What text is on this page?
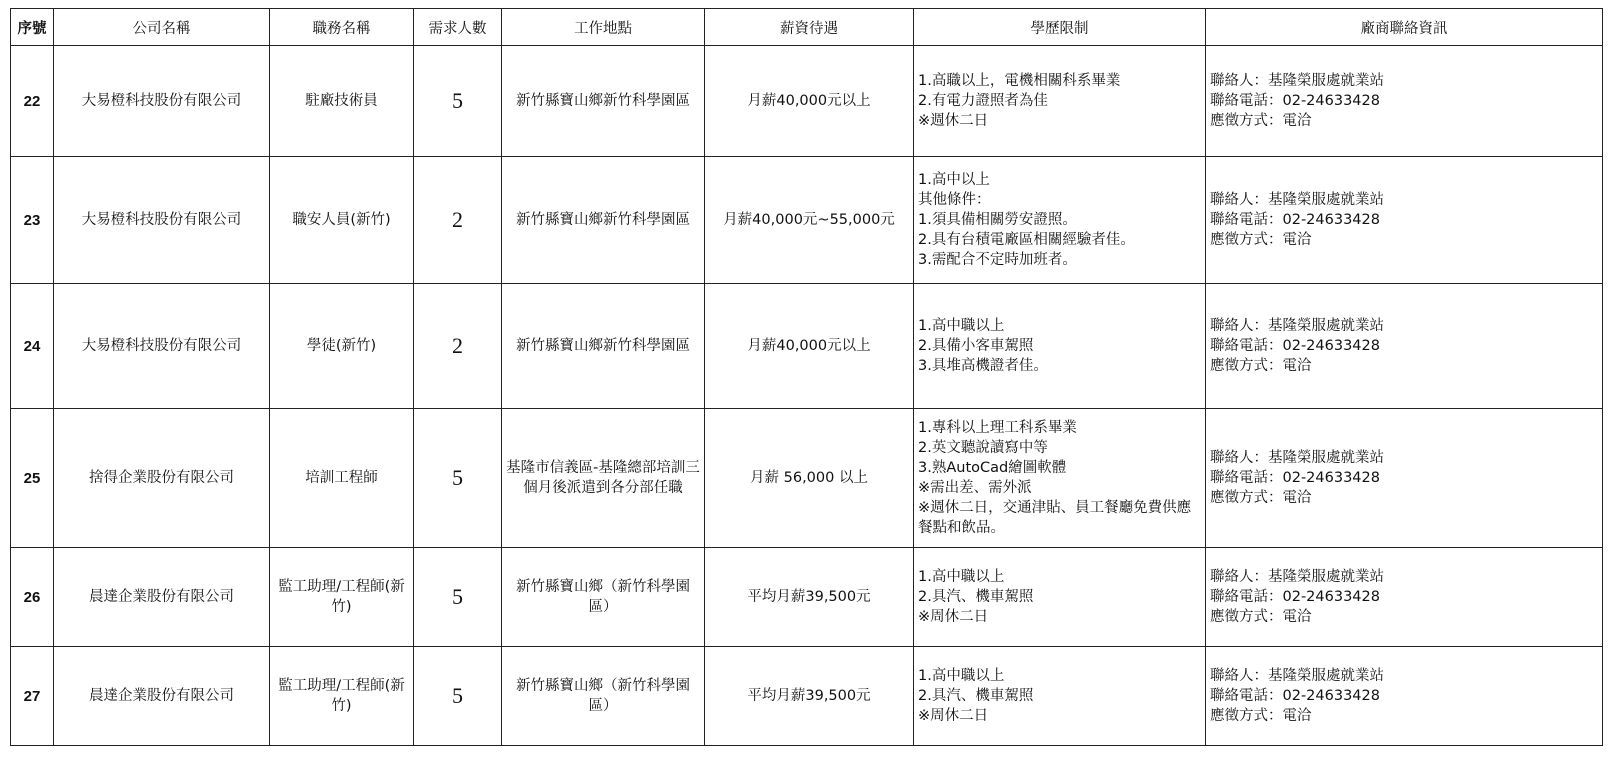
序號	公司名稱	職務名稱	需求人數	工作地點	薪資待遇	學歷限制	廠商聯絡資訊
22	大易橙科技股份有限公司	駐廠技術員	5	新竹縣寶山鄉新竹科學園區	月薪40,000元以上	1.高職以上，電機相關科系畢業
2.有電力證照者為佳
※週休二日	聯絡人：基隆榮服處就業站
聯絡電話：02-24633428
應徵方式：電洽
23	大易橙科技股份有限公司	職安人員(新竹)	2	新竹縣寶山鄉新竹科學園區	月薪40,000元~55,000元	1.高中以上
其他條件：
1.須具備相關勞安證照。
2.具有台積電廠區相關經驗者佳。
3.需配合不定時加班者。	聯絡人：基隆榮服處就業站
聯絡電話：02-24633428
應徵方式：電洽
24	大易橙科技股份有限公司	學徒(新竹)	2	新竹縣寶山鄉新竹科學園區	月薪40,000元以上	1.高中職以上
2.具備小客車駕照
3.具堆高機證者佳。	聯絡人：基隆榮服處就業站
聯絡電話：02-24633428
應徵方式：電洽
25	捨得企業股份有限公司	培訓工程師	5	基隆市信義區-基隆總部培訓三個月後派遣到各分部任職	月薪 56,000 以上	1.專科以上理工科系畢業
2.英文聽說讀寫中等
3.熟AutoCad繪圖軟體
※需出差、需外派
※週休二日，交通津貼、員工餐廳免費供應餐點和飲品。	聯絡人：基隆榮服處就業站
聯絡電話：02-24633428
應徵方式：電洽
26	晨達企業股份有限公司	監工助理/工程師(新竹)	5	新竹縣寶山鄉（新竹科學園區）	平均月薪39,500元	1.高中職以上
2.具汽、機車駕照
※周休二日	聯絡人：基隆榮服處就業站
聯絡電話：02-24633428
應徵方式：電洽
27	晨達企業股份有限公司	監工助理/工程師(新竹)	5	新竹縣寶山鄉（新竹科學園區）	平均月薪39,500元	1.高中職以上
2.具汽、機車駕照
※周休二日	聯絡人：基隆榮服處就業站
聯絡電話：02-24633428
應徵方式：電洽
